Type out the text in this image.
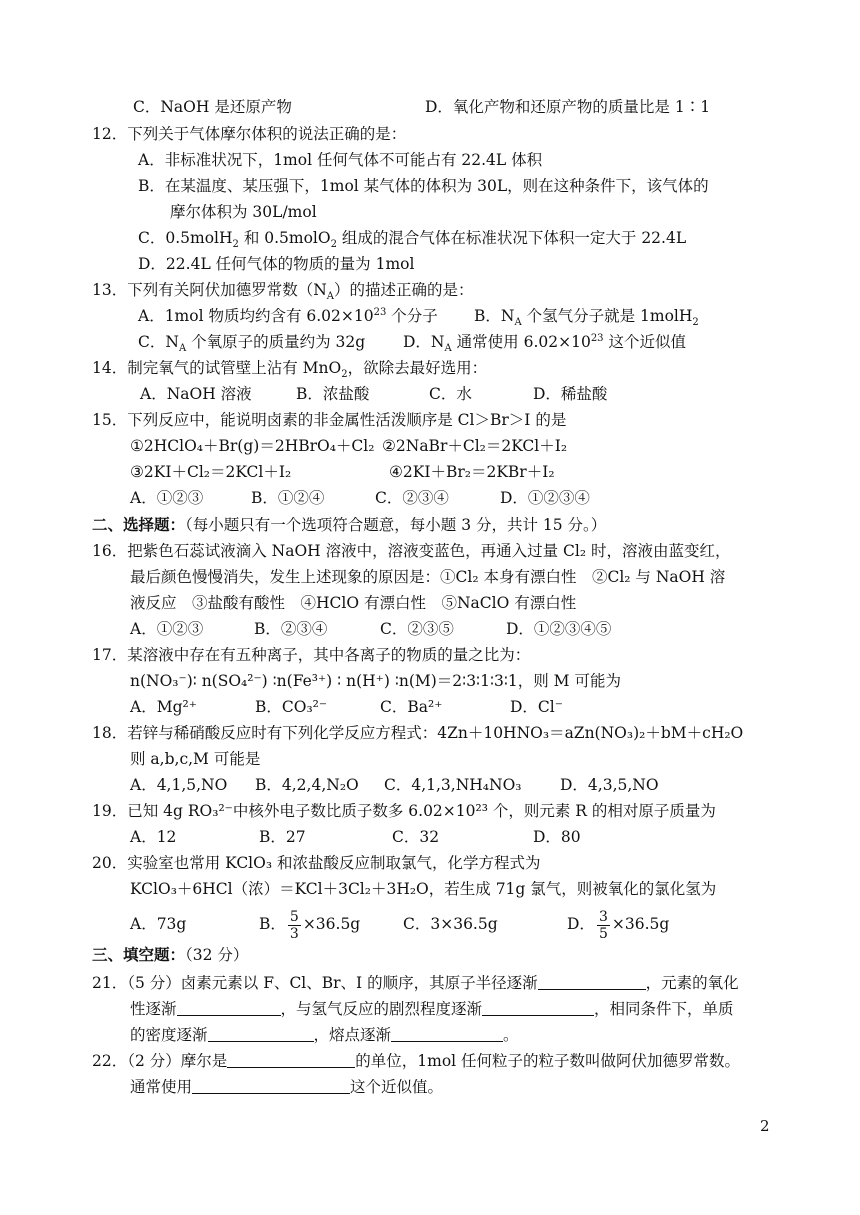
C．NaOH 是还原产物	D．氧化产物和还原产物的质量比是 1∶1
12．下列关于气体摩尔体积的说法正确的是：
A．非标准状况下，1mol 任何气体不可能占有 22.4L 体积
B．在某温度、某压强下，1mol 某气体的体积为 30L，则在这种条件下，该气体的
摩尔体积为 30L/mol
C．0.5molH$_2$ 和 0.5molO$_2$ 组成的混合气体在标准状况下体积一定大于 22.4L
D．22.4L 任何气体的物质的量为 1mol
13．下列有关阿伏加德罗常数$(N_A)$的描述正确的是：
A．1mol 物质均约含有 $6.02\times 10^{23}$ 个分子 B．$N_A$ 个氢气分子就是 1molH$_2$
C．$N_A$ 个氧原子的质量约为 32g D．$N_A$ 通常使用 $6.02\times 10^{23}$ 这个近似值
14．制完氧气的试管壁上沾有 MnO$_2$，欲除去最好选用：
A．NaOH 溶液	B．浓盐酸	C．水	D．稀盐酸
15．下列反应中，能说明卤素的非金属性活泼顺序是 Cl＞Br＞I 的是
①2HClO₄＋Br(g)＝2HBrO₄＋Cl₂ ②2NaBr＋Cl₂＝2KCl＋I₂
③2KI＋Cl₂＝2KCl＋I₂	④2KI＋Br₂＝2KBr＋I₂
A．①②③	B．①②④	C．②③④	D．①②③④
二、选择题：（每小题只有一个选项符合题意，每小题 3 分，共计 15 分。）
16．把紫色石蕊试液滴入 NaOH 溶液中，溶液变蓝色，再通入过量 Cl₂ 时，溶液由蓝变红，
最后颜色慢慢消失，发生上述现象的原因是：①Cl₂ 本身有漂白性　②Cl₂ 与 NaOH 溶
液反应　③盐酸有酸性　④HClO 有漂白性　⑤NaClO 有漂白性
A．①②③	B．②③④	C．②③⑤	D．①②③④⑤
17．某溶液中存在有五种离子，其中各离子的物质的量之比为：
n(NO₃⁻)∶ n(SO₄²⁻) ∶n(Fe³⁺) ∶ n(H⁺) ∶n(M)＝2∶3∶1∶3∶1，则 M 可能为
A．Mg²⁺	B．CO₃²⁻	C．Ba²⁺	D．Cl⁻
18．若锌与稀硝酸反应时有下列化学反应方程式：4Zn＋10HNO₃＝aZn(NO₃)₂＋bM＋cH₂O
则 a,b,c,M 可能是
A．4,1,5,NO B．4,2,4,N₂O C．4,1,3,NH₄NO₃ D．4,3,5,NO
19．已知 4g RO₃²⁻中核外电子数比质子数多 6.02×10²³ 个，则元素 R 的相对原子质量为
A．12	B．27	C．32	D．80
20．实验室也常用 KClO₃ 和浓盐酸反应制取氯气，化学方程式为
KClO₃＋6HCl（浓）＝KCl＋3Cl₂＋3H₂O，若生成 71g 氯气，则被氧化的氯化氢为
A．73g	B． $\frac{5}{3} \times 36.5g$	C．3×36.5g	D． $\frac{3}{5} \times 36.5g$
三、填空题：（32 分）
21．（5 分）卤素元素以 F、Cl、Br、I 的顺序，其原子半径逐渐	，元素的氧化
性逐渐	，与氢气反应的剧烈程度逐渐	，相同条件下，单质
的密度逐渐	，熔点逐渐	。
22．（2 分）摩尔是	的单位，1mol 任何粒子的粒子数叫做阿伏加德罗常数。
通常使用	这个近似值。
2
